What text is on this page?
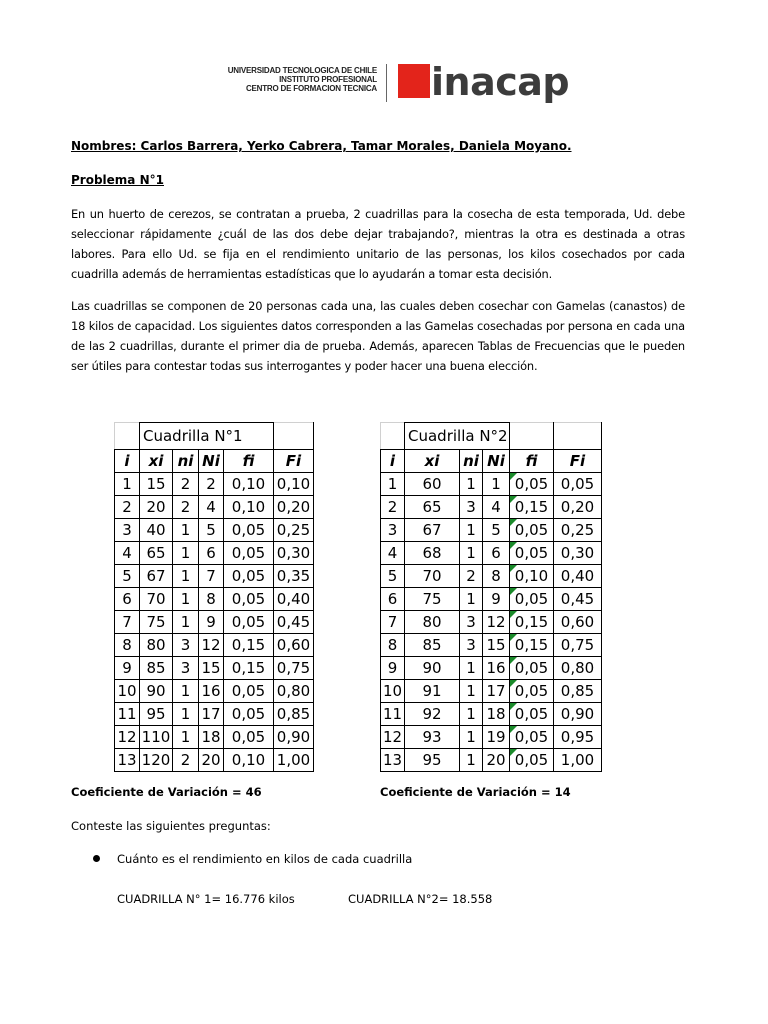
UNIVERSIDAD TECNOLOGICA DE CHILE
INSTITUTO PROFESIONAL
CENTRO DE FORMACION TECNICA inacap
Nombres: Carlos Barrera, Yerko Cabrera, Tamar Morales, Daniela Moyano.
Problema N°1
En un huerto de cerezos, se contratan a prueba, 2 cuadrillas para la cosecha de esta temporada, Ud. debe seleccionar rápidamente ¿cuál de las dos debe dejar trabajando?, mientras la otra es destinada a otras labores. Para ello Ud. se fija en el rendimiento unitario de las personas, los kilos cosechados por cada cuadrilla además de herramientas estadísticas que lo ayudarán a tomar esta decisión.
Las cuadrillas se componen de 20 personas cada una, las cuales deben cosechar con Gamelas (canastos) de 18 kilos de capacidad. Los siguientes datos corresponden a las Gamelas cosechadas por persona en cada una de las 2 cuadrillas, durante el primer dia de prueba. Además, aparecen Tablas de Frecuencias que le pueden ser útiles para contestar todas sus interrogantes y poder hacer una buena elección.
	Cuadrilla N°1				
i	xi	ni	Ni	fi	Fi
1	15	2	2	0,10	0,10
2	20	2	4	0,10	0,20
3	40	1	5	0,05	0,25
4	65	1	6	0,05	0,30
5	67	1	7	0,05	0,35
6	70	1	8	0,05	0,40
7	75	1	9	0,05	0,45
8	80	3	12	0,15	0,60
9	85	3	15	0,15	0,75
10	90	1	16	0,05	0,80
11	95	1	17	0,05	0,85
12	110	1	18	0,05	0,90
13	120	2	20	0,10	1,00
	Cuadrilla N°2				
i	xi	ni	Ni	fi	Fi
1	60	1	1	0,05	0,05
2	65	3	4	0,15	0,20
3	67	1	5	0,05	0,25
4	68	1	6	0,05	0,30
5	70	2	8	0,10	0,40
6	75	1	9	0,05	0,45
7	80	3	12	0,15	0,60
8	85	3	15	0,15	0,75
9	90	1	16	0,05	0,80
10	91	1	17	0,05	0,85
11	92	1	18	0,05	0,90
12	93	1	19	0,05	0,95
13	95	1	20	0,05	1,00
Coeficiente de Variación = 46	Coeficiente de Variación = 14
Conteste las siguientes preguntas:
Cuánto es el rendimiento en kilos de cada cuadrilla
CUADRILLA N° 1= 16.776 kilos	CUADRILLA N°2= 18.558
